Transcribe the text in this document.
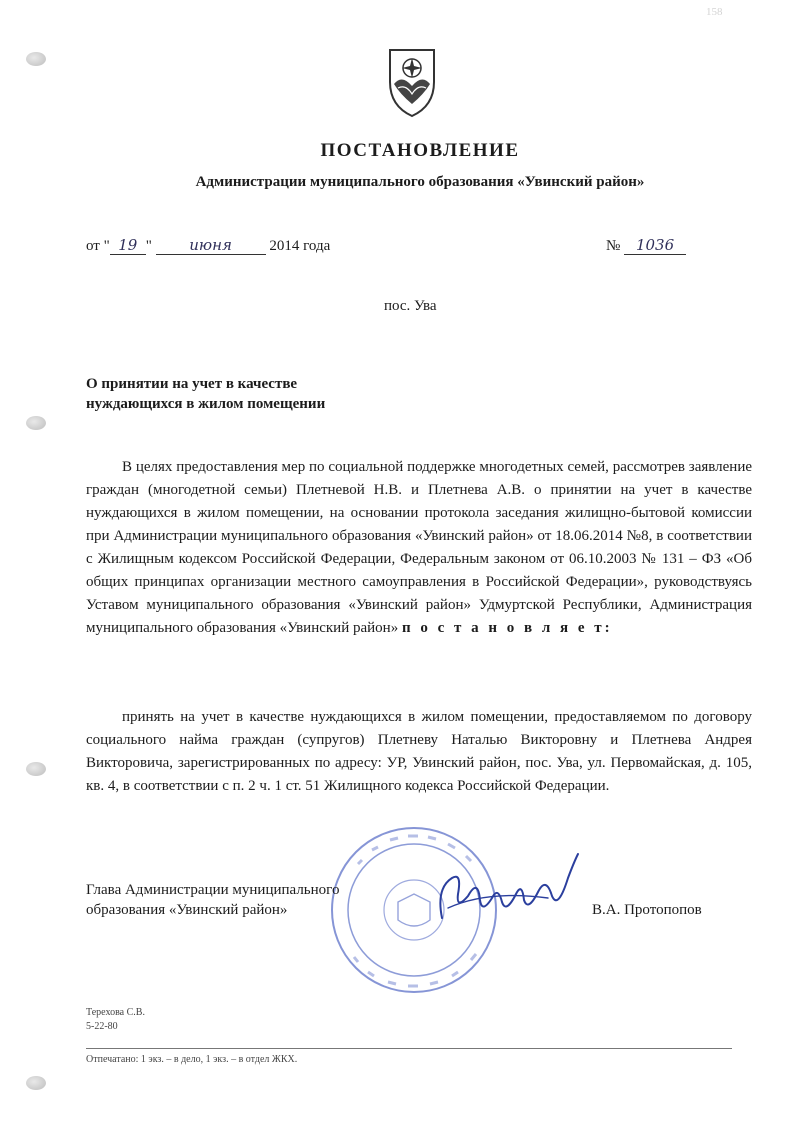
158
ПОСТАНОВЛЕНИЕ
Администрации муниципального образования «Увинский район»
от " 19 " июня 2014 года	№ 1036
пос. Ува
О принятии на учет в качестве
нуждающихся в жилом помещении
В целях предоставления мер по социальной поддержке многодетных семей, рассмотрев заявление граждан (многодетной семьи) Плетневой Н.В. и Плетнева А.В. о принятии на учет в качестве нуждающихся в жилом помещении, на основании протокола заседания жилищно-бытовой комиссии при Администрации муниципального образования «Увинский район» от 18.06.2014 №8, в соответствии с Жилищным кодексом Российской Федерации, Федеральным законом от 06.10.2003 № 131 – ФЗ «Об общих принципах организации местного самоуправления в Российской Федерации», руководствуясь Уставом муниципального образования «Увинский район» Удмуртской Республики, Администрация муниципального образования «Увинский район» п о с т а н о в л я е т:
принять на учет в качестве нуждающихся в жилом помещении, предоставляемом по договору социального найма граждан (супругов) Плетневу Наталью Викторовну и Плетнева Андрея Викторовича, зарегистрированных по адресу: УР, Увинский район, пос. Ува, ул. Первомайская, д. 105, кв. 4, в соответствии с п. 2 ч. 1 ст. 51 Жилищного кодекса Российской Федерации.
Глава Администрации муниципального
образования «Увинский район»	В.А. Протопопов
Терехова С.В.
5-22-80
Отпечатано: 1 экз. – в дело, 1 экз. – в отдел ЖКХ.
